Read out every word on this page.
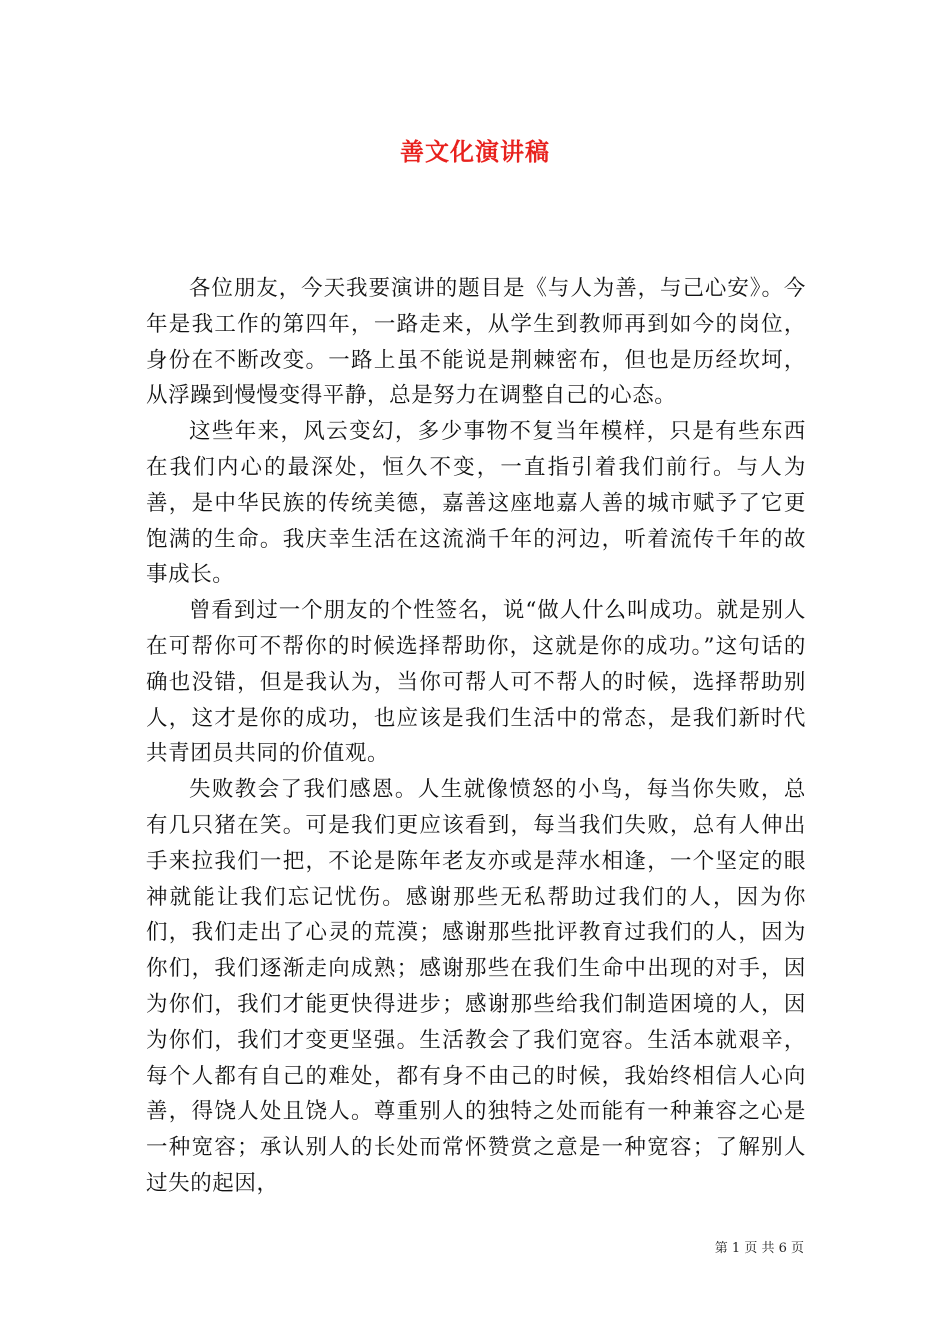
善文化演讲稿

各位朋友，今天我要演讲的题目是《与人为善，与己心安》。今年是我工作的第四年，一路走来，从学生到教师再到如今的岗位，身份在不断改变。一路上虽不能说是荆棘密布，但也是历经坎坷，从浮躁到慢慢变得平静，总是努力在调整自己的心态。

这些年来，风云变幻，多少事物不复当年模样，只是有些东西在我们内心的最深处，恒久不变，一直指引着我们前行。与人为善，是中华民族的传统美德，嘉善这座地嘉人善的城市赋予了它更饱满的生命。我庆幸生活在这流淌千年的河边，听着流传千年的故事成长。

曾看到过一个朋友的个性签名，说“做人什么叫成功。就是别人在可帮你可不帮你的时候选择帮助你，这就是你的成功。”这句话的确也没错，但是我认为，当你可帮人可不帮人的时候，选择帮助别人，这才是你的成功，也应该是我们生活中的常态，是我们新时代共青团员共同的价值观。

失败教会了我们感恩。人生就像愤怒的小鸟，每当你失败，总有几只猪在笑。可是我们更应该看到，每当我们失败，总有人伸出手来拉我们一把，不论是陈年老友亦或是萍水相逢，一个坚定的眼神就能让我们忘记忧伤。感谢那些无私帮助过我们的人，因为你们，我们走出了心灵的荒漠；感谢那些批评教育过我们的人，因为你们，我们逐渐走向成熟；感谢那些在我们生命中出现的对手，因为你们，我们才能更快得进步；感谢那些给我们制造困境的人，因为你们，我们才变更坚强。生活教会了我们宽容。生活本就艰辛，每个人都有自己的难处，都有身不由己的时候，我始终相信人心向善，得饶人处且饶人。尊重别人的独特之处而能有一种兼容之心是一种宽容；承认别人的长处而常怀赞赏之意是一种宽容；了解别人过失的起因，

第 1 页 共 6 页
